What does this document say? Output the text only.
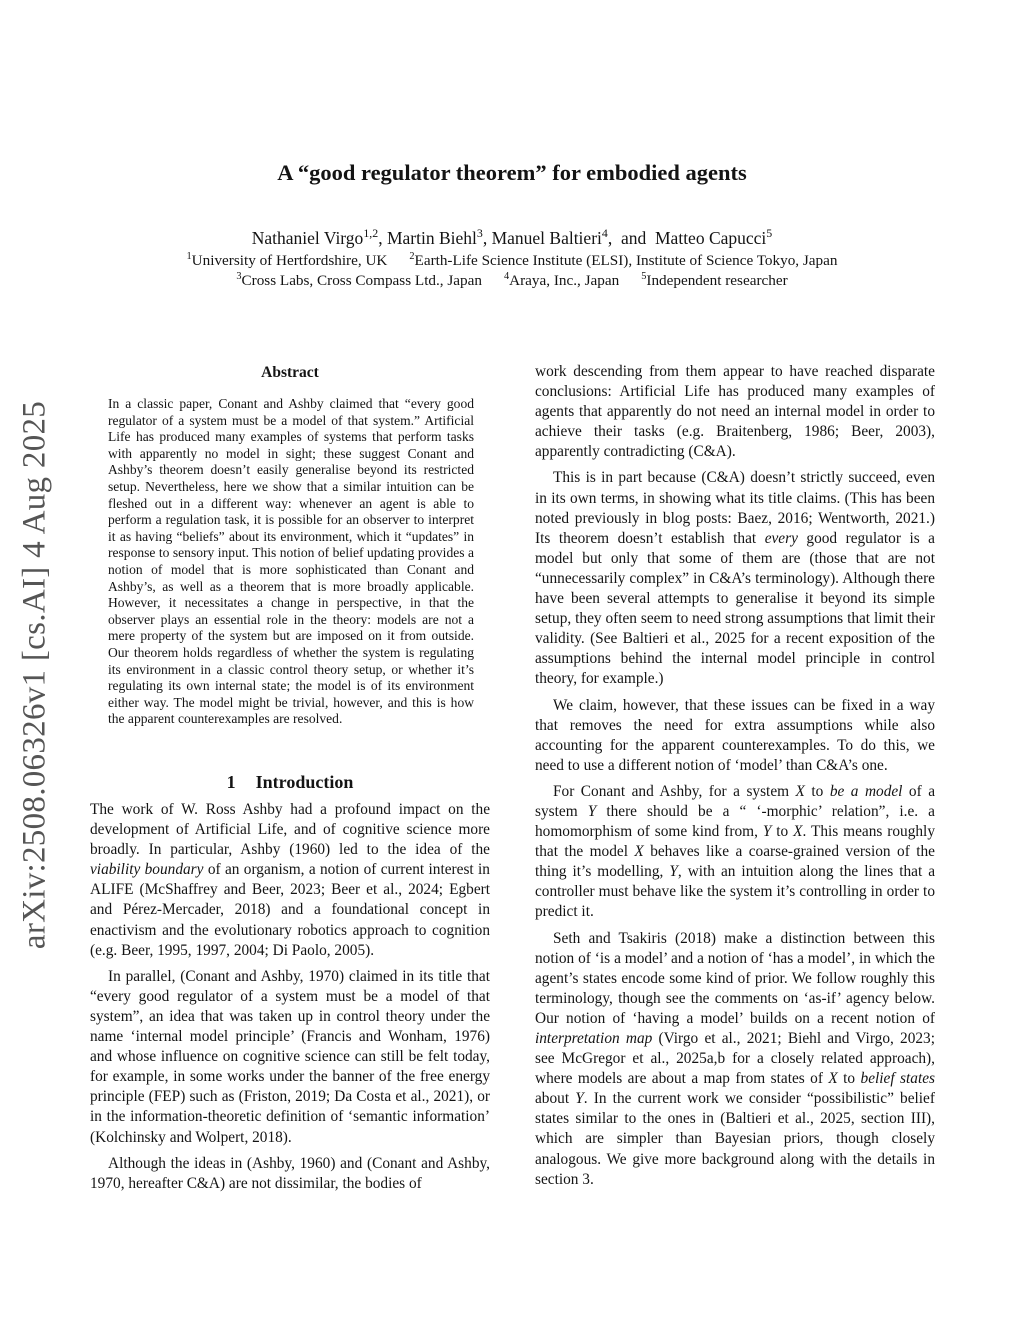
arXiv:2508.06326v1 [cs.AI] 4 Aug 2025
A “good regulator theorem” for embodied agents
Nathaniel Virgo$^{1,2}$, Martin Biehl$^3$, Manuel Baltieri$^4$,  and  Matteo Capucci$^5$
$^1$University of Hertfordshire, UK $^2$Earth-Life Science Institute (ELSI), Institute of Science Tokyo, Japan
$^3$Cross Labs, Cross Compass Ltd., Japan $^4$Araya, Inc., Japan $^5$Independent researcher
Abstract

In a classic paper, Conant and Ashby claimed that “every good regulator of a system must be a model of that system.” Artificial Life has produced many examples of systems that perform tasks with apparently no model in sight; these suggest Conant and Ashby’s theorem doesn’t easily generalise beyond its restricted setup. Nevertheless, here we show that a similar intuition can be fleshed out in a different way: whenever an agent is able to perform a regulation task, it is possible for an observer to interpret it as having “beliefs” about its environment, which it “updates” in response to sensory input. This notion of belief updating provides a notion of model that is more sophisticated than Conant and Ashby’s, as well as a theorem that is more broadly applicable. However, it necessitates a change in perspective, in that the observer plays an essential role in the theory: models are not a mere property of the system but are imposed on it from outside. Our theorem holds regardless of whether the system is regulating its environment in a classic control theory setup, or whether it’s regulating its own internal state; the model is of its environment either way. The model might be trivial, however, and this is how the apparent counterexamples are resolved.

1 Introduction

The work of W. Ross Ashby had a profound impact on the development of Artificial Life, and of cognitive science more broadly. In particular, Ashby (1960) led to the idea of the viability boundary of an organism, a notion of current interest in ALIFE (McShaffrey and Beer, 2023; Beer et al., 2024; Egbert and Pérez-Mercader, 2018) and a foundational concept in enactivism and the evolutionary robotics approach to cognition (e.g. Beer, 1995, 1997, 2004; Di Paolo, 2005).

In parallel, (Conant and Ashby, 1970) claimed in its title that “every good regulator of a system must be a model of that system”, an idea that was taken up in control theory under the name ‘internal model principle’ (Francis and Wonham, 1976) and whose influence on cognitive science can still be felt today, for example, in some works under the banner of the free energy principle (FEP) such as (Friston, 2019; Da Costa et al., 2021), or in the information-theoretic definition of ‘semantic information’ (Kolchinsky and Wolpert, 2018).

Although the ideas in (Ashby, 1960) and (Conant and Ashby, 1970, hereafter C&A) are not dissimilar, the bodies of

work descending from them appear to have reached disparate conclusions: Artificial Life has produced many examples of agents that apparently do not need an internal model in order to achieve their tasks (e.g. Braitenberg, 1986; Beer, 2003), apparently contradicting (C&A).

This is in part because (C&A) doesn’t strictly succeed, even in its own terms, in showing what its title claims. (This has been noted previously in blog posts: Baez, 2016; Wentworth, 2021.) Its theorem doesn’t establish that every good regulator is a model but only that some of them are (those that are not “unnecessarily complex” in C&A’s terminology). Although there have been several attempts to generalise it beyond its simple setup, they often seem to need strong assumptions that limit their validity. (See Baltieri et al., 2025 for a recent exposition of the assumptions behind the internal model principle in control theory, for example.)

We claim, however, that these issues can be fixed in a way that removes the need for extra assumptions while also accounting for the apparent counterexamples. To do this, we need to use a different notion of ‘model’ than C&A’s one.

For Conant and Ashby, for a system X to be a model of a system Y there should be a “ ‘-morphic’ relation”, i.e. a homomorphism of some kind from, Y to X. This means roughly that the model X behaves like a coarse-grained version of the thing it’s modelling, Y, with an intuition along the lines that a controller must behave like the system it’s controlling in order to predict it.

Seth and Tsakiris (2018) make a distinction between this notion of ‘is a model’ and a notion of ‘has a model’, in which the agent’s states encode some kind of prior. We follow roughly this terminology, though see the comments on ‘as-if’ agency below. Our notion of ‘having a model’ builds on a recent notion of interpretation map (Virgo et al., 2021; Biehl and Virgo, 2023; see McGregor et al., 2025a,b for a closely related approach), where models are about a map from states of X to belief states about Y. In the current work we consider “possibilistic” belief states similar to the ones in (Baltieri et al., 2025, section III), which are simpler than Bayesian priors, though closely analogous. We give more background along with the details in section 3.
